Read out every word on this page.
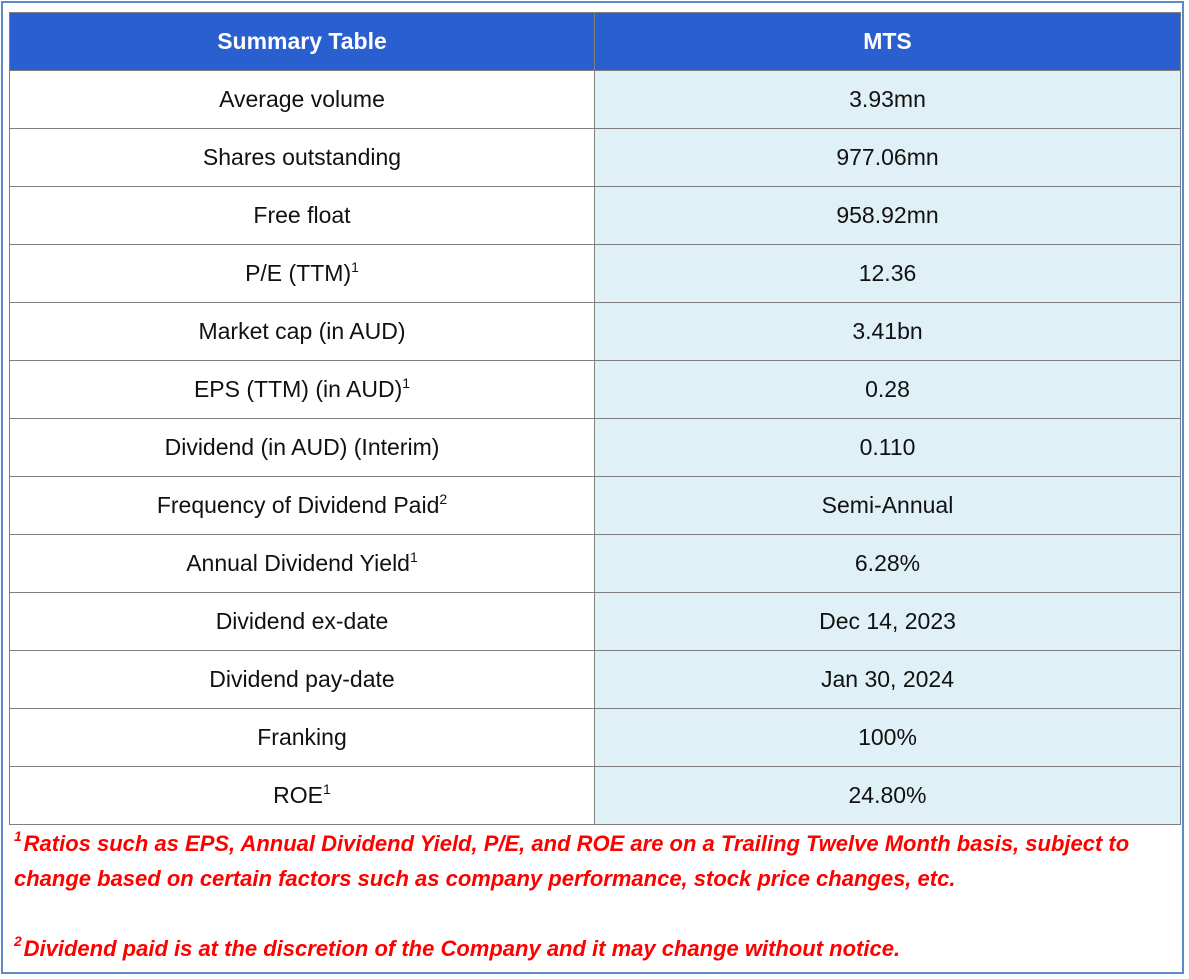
Summary Table	MTS
Average volume	3.93mn
Shares outstanding	977.06mn
Free float	958.92mn
P/E (TTM)$^1$	12.36
Market cap (in AUD)	3.41bn
EPS (TTM) (in AUD)$^1$	0.28
Dividend (in AUD) (Interim)	0.110
Frequency of Dividend Paid$^2$	Semi-Annual
Annual Dividend Yield$^1$	6.28%
Dividend ex-date	Dec 14, 2023
Dividend pay-date	Jan 30, 2024
Franking	100%
ROE$^1$	24.80%

$^1$ Ratios such as EPS, Annual Dividend Yield, P/E, and ROE are on a Trailing Twelve Month basis, subject to change based on certain factors such as company performance, stock price changes, etc.

$^2$ Dividend paid is at the discretion of the Company and it may change without notice.
